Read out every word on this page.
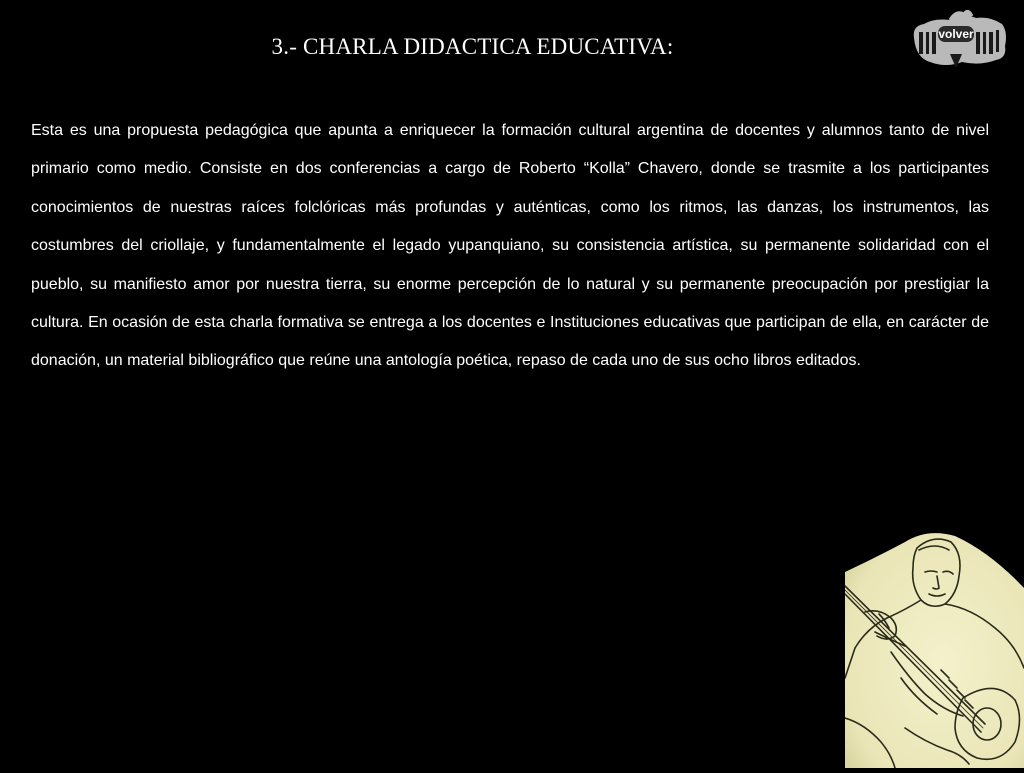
3.- CHARLA DIDACTICA EDUCATIVA:	volver
Esta es una propuesta pedagógica que apunta a enriquecer la formación cultural argentina de docentes y alumnos tanto de nivel primario como medio. Consiste en dos conferencias a cargo de Roberto “Kolla” Chavero, donde se trasmite a los participantes conocimientos de nuestras raíces folclóricas más profundas y auténticas, como los ritmos, las danzas, los instrumentos, las costumbres del criollaje, y fundamentalmente el legado yupanquiano, su consistencia artística, su permanente solidaridad con el pueblo, su manifiesto amor por nuestra tierra, su enorme percepción de lo natural y su permanente preocupación por prestigiar la cultura. En ocasión de esta charla formativa se entrega a los docentes e Instituciones educativas que participan de ella, en carácter de donación, un material bibliográfico que reúne una antología poética, repaso de cada uno de sus ocho libros editados.
